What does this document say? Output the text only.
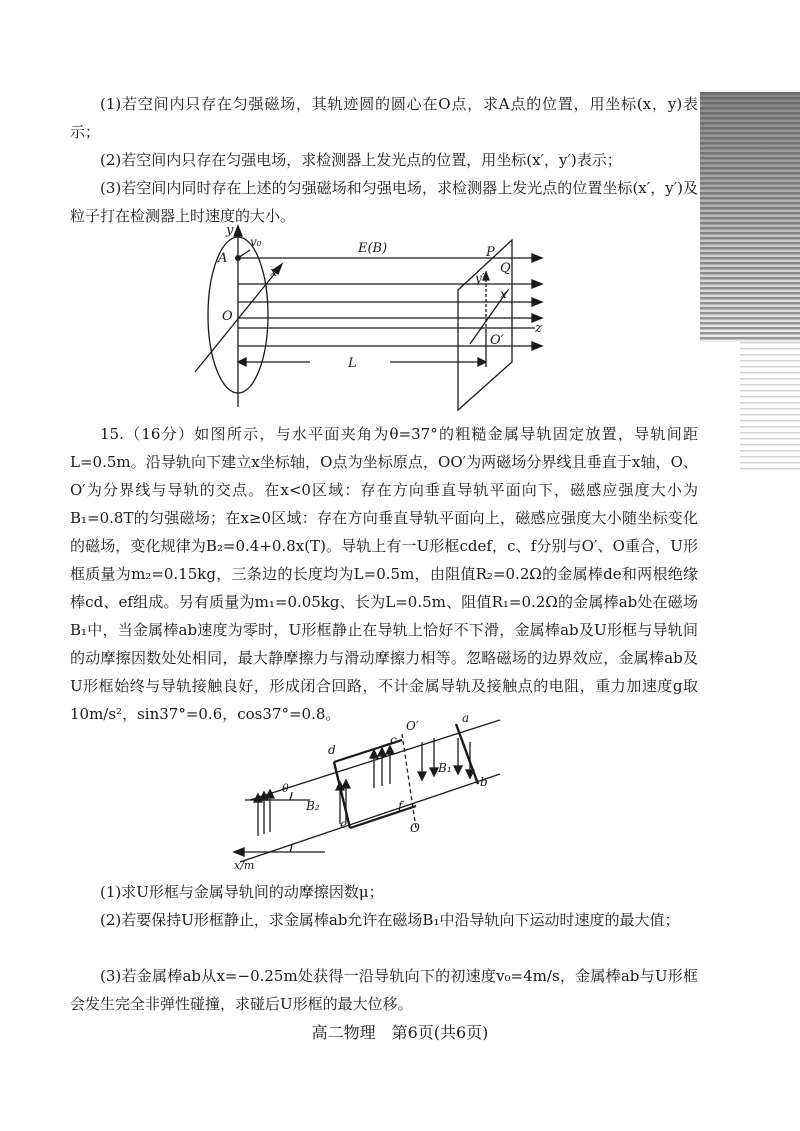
(1)若空间内只存在匀强磁场，其轨迹圆的圆心在O点，求A点的位置，用坐标(x，y)表示；

(2)若空间内只存在匀强电场，求检测器上发光点的位置，用坐标(x′，y′)表示；

(3)若空间内同时存在上述的匀强磁场和匀强电场，求检测器上发光点的位置坐标(x′，y′)及粒子打在检测器上时速度的大小。

y
v₀
A
x
O
E(B)	P
Q
y′
x′
O′
z
L

15.（16分）如图所示，与水平面夹角为θ=37°的粗糙金属导轨固定放置，导轨间距L=0.5m。沿导轨向下建立x坐标轴，O点为坐标原点，OO′为两磁场分界线且垂直于x轴，O、O′为分界线与导轨的交点。在x<0区域：存在方向垂直导轨平面向下，磁感应强度大小为B₁=0.8T的匀强磁场；在x≥0区域：存在方向垂直导轨平面向上，磁感应强度大小随坐标变化的磁场，变化规律为B₂=0.4+0.8x(T)。导轨上有一U形框cdef，c、f分别与O′、O重合，U形框质量为m₂=0.15kg，三条边的长度均为L=0.5m，由阻值R₂=0.2Ω的金属棒de和两根绝缘棒cd、ef组成。另有质量为m₁=0.05kg、长为L=0.5m、阻值R₁=0.2Ω的金属棒ab处在磁场B₁中，当金属棒ab速度为零时，U形框静止在导轨上恰好不下滑，金属棒ab及U形框与导轨间的动摩擦因数处处相同，最大静摩擦力与滑动摩擦力相等。忽略磁场的边界效应，金属棒ab及U形框始终与导轨接触良好，形成闭合回路，不计金属导轨及接触点的电阻，重力加速度g取10m/s²，sin37°=0.6，cos37°=0.8。	a
b
c
d
e
f
O′
O
B₁
B₂
θ
x/m

(1)求U形框与金属导轨间的动摩擦因数μ；

(2)若要保持U形框静止，求金属棒ab允许在磁场B₁中沿导轨向下运动时速度的最大值；

(3)若金属棒ab从x=−0.25m处获得一沿导轨向下的初速度v₀=4m/s，金属棒ab与U形框会发生完全非弹性碰撞，求碰后U形框的最大位移。

高二物理　第6页(共6页)
